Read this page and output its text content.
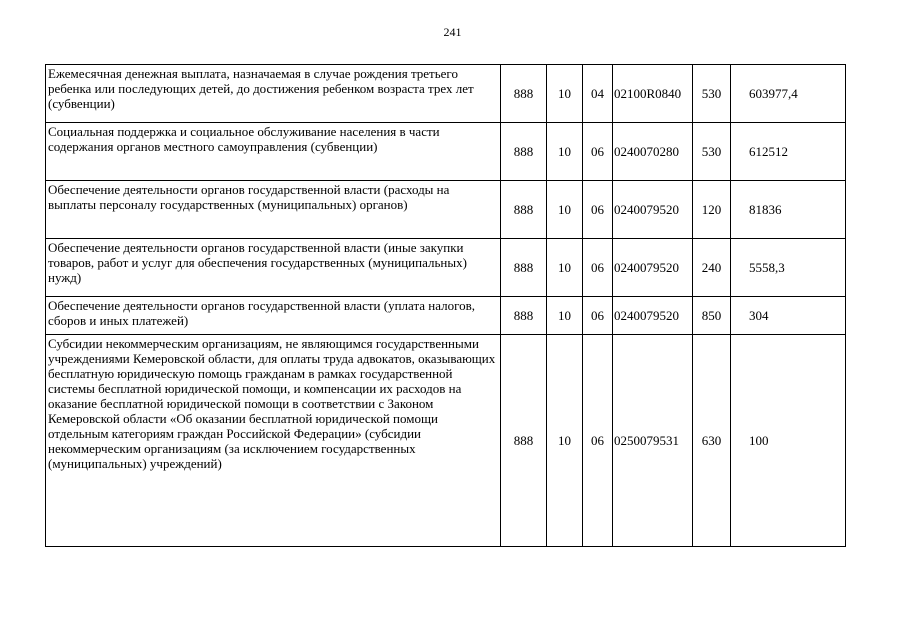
241
Ежемесячная денежная выплата, назначаемая в случае рождения третьего ребенка или последующих детей, до достижения ребенком возраста трех лет (субвенции)	888	10	04	02100R0840	530	603977,4
Социальная поддержка и социальное обслуживание населения в части содержания органов местного самоуправления (субвенции)	888	10	06	0240070280	530	612512
Обеспечение деятельности органов государственной власти (расходы на выплаты персоналу государственных (муниципальных) органов)	888	10	06	0240079520	120	81836
Обеспечение деятельности органов государственной власти (иные закупки товаров, работ и услуг для обеспечения государственных (муниципальных) нужд)	888	10	06	0240079520	240	5558,3
Обеспечение деятельности органов государственной власти (уплата налогов, сборов и иных платежей)	888	10	06	0240079520	850	304
Субсидии некоммерческим организациям, не являющимся государственными учреждениями Кемеровской области, для оплаты труда адвокатов, оказывающих бесплатную юридическую помощь гражданам в рамках государственной системы бесплатной юридической помощи, и компенсации их расходов на оказание бесплатной юридической помощи в соответствии с Законом Кемеровской области «Об оказании бесплатной юридической помощи отдельным категориям граждан Российской Федерации» (субсидии некоммерческим организациям (за исключением государственных (муниципальных) учреждений)	888	10	06	0250079531	630	100
